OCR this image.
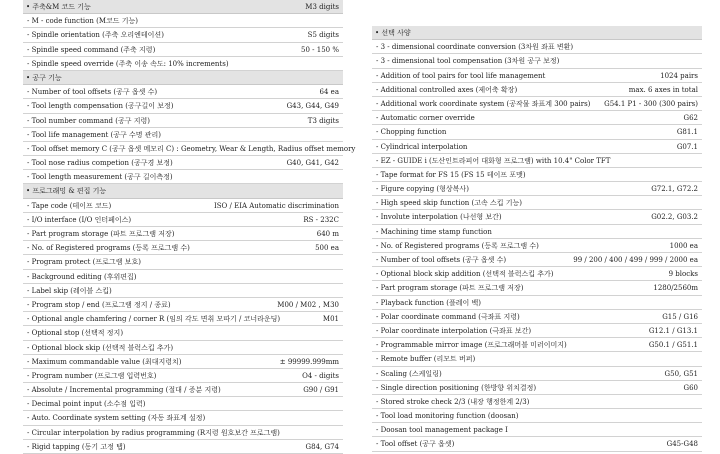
• 주축&M 코드 기능	M3 digits
- M - code function (M코드 기능)
- Spindle orientation (주축 오리엔테이션)	S5 digits
- Spindle speed command (주축 지령)	50 - 150 %
- Spindle speed override (주축 이송 속도: 10% increments)
• 공구 기능
- Number of tool offsets (공구 옵셋 수)	64 ea
- Tool length compensation (공구길이 보정)	G43, G44, G49
- Tool number command (공구 지령)	T3 digits
- Tool life management (공구 수명 관리)
- Tool offset memory C (공구 옵셋 메모리 C) : Geometry, Wear & Length, Radius offset memory
- Tool nose radius competion (공구경 보정)	G40, G41, G42
- Tool length measurement (공구 길이측정)
• 프로그래밍 & 편집 기능
- Tape code (테이프 코드)	ISO / EIA Automatic discrimination
- I/O interface (I/O 인터페이스)	RS - 232C
- Part program storage (파트 프로그램 저장)	640 m
- No. of Registered programs (등록 프로그램 수)	500 ea
- Program protect (프로그램 보호)
- Background editing (후위편집)
- Label skip (레이블 스킵)
- Program stop / end (프로그램 정지 / 종료)	M00 / M02 , M30
- Optional angle chamfering / corner R (임의 각도 면취 모따기 / 코너라운딩)	M01
- Optional stop (선택적 정지)
- Optional block skip (선택적 블럭스킵 추가)
- Maximum commandable value (최대지령치)	± 99999.999mm
- Program number (프로그램 입력번호)	O4 - digits
- Absolute / Incremental programming (절대 / 증분 지령)	G90 / G91
- Decimal point input (소수점 입력)
- Auto. Coordinate system setting (자동 좌표계 설정)
- Circular interpolation by radius programming (R지령 원호보간 프로그램)
- Rigid tapping (동기 고정 탭)	G84, G74
• 선택 사양
- 3 - dimensional coordinate conversion (3차원 좌표 변환)
- 3 - dimensional tool compensation (3차원 공구 보정)
- Addition of tool pairs for tool life management	1024 pairs
- Additional controlled axes (제어축 확장)	max. 6 axes in total
- Additional work coordinate system (공작물 좌표계 300 pairs) G54.1 P1 - 300 (300 pairs)
- Automatic corner override	G62
- Chopping function	G81.1
- Cylindrical interpolation	G07.1
- EZ - GUIDE i (도산인트라피어 대화형 프로그램) with 10.4" Color TFT
- Tape format for FS 15 (FS 15 테이프 포맷)
- Figure copying (형상복사)	G72.1, G72.2
- High speed skip function (고속 스킵 기능)
- Involute interpolation (나선형 보간)	G02.2, G03.2
- Machining time stamp function
- No. of Registered programs (등록 프로그램 수)	1000 ea
- Number of tool offsets (공구 옵셋 수)	99 / 200 / 400 / 499 / 999 / 2000 ea
- Optional block skip addition (선택적 블럭스킵 추가)	9 blocks
- Part program storage (파트 프로그램 저장)	1280/2560m
- Playback function (플레이 백)
- Polar coordinate command (극좌표 지령)	G15 / G16
- Polar coordinate interpolation (극좌표 보간)	G12.1 / G13.1
- Programmable mirror image (프로그래머블 미러이미지)	G50.1 / G51.1
- Remote buffer (리모트 버퍼)
- Scaling (스케일링)	G50, G51
- Single direction positioning (한방향 위치결정)	G60
- Stored stroke check 2/3 (내장 행정한계 2/3)
- Tool load monitoring function (doosan)
- Doosan tool management package I
- Tool offset (공구 옵셋)	G45-G48
